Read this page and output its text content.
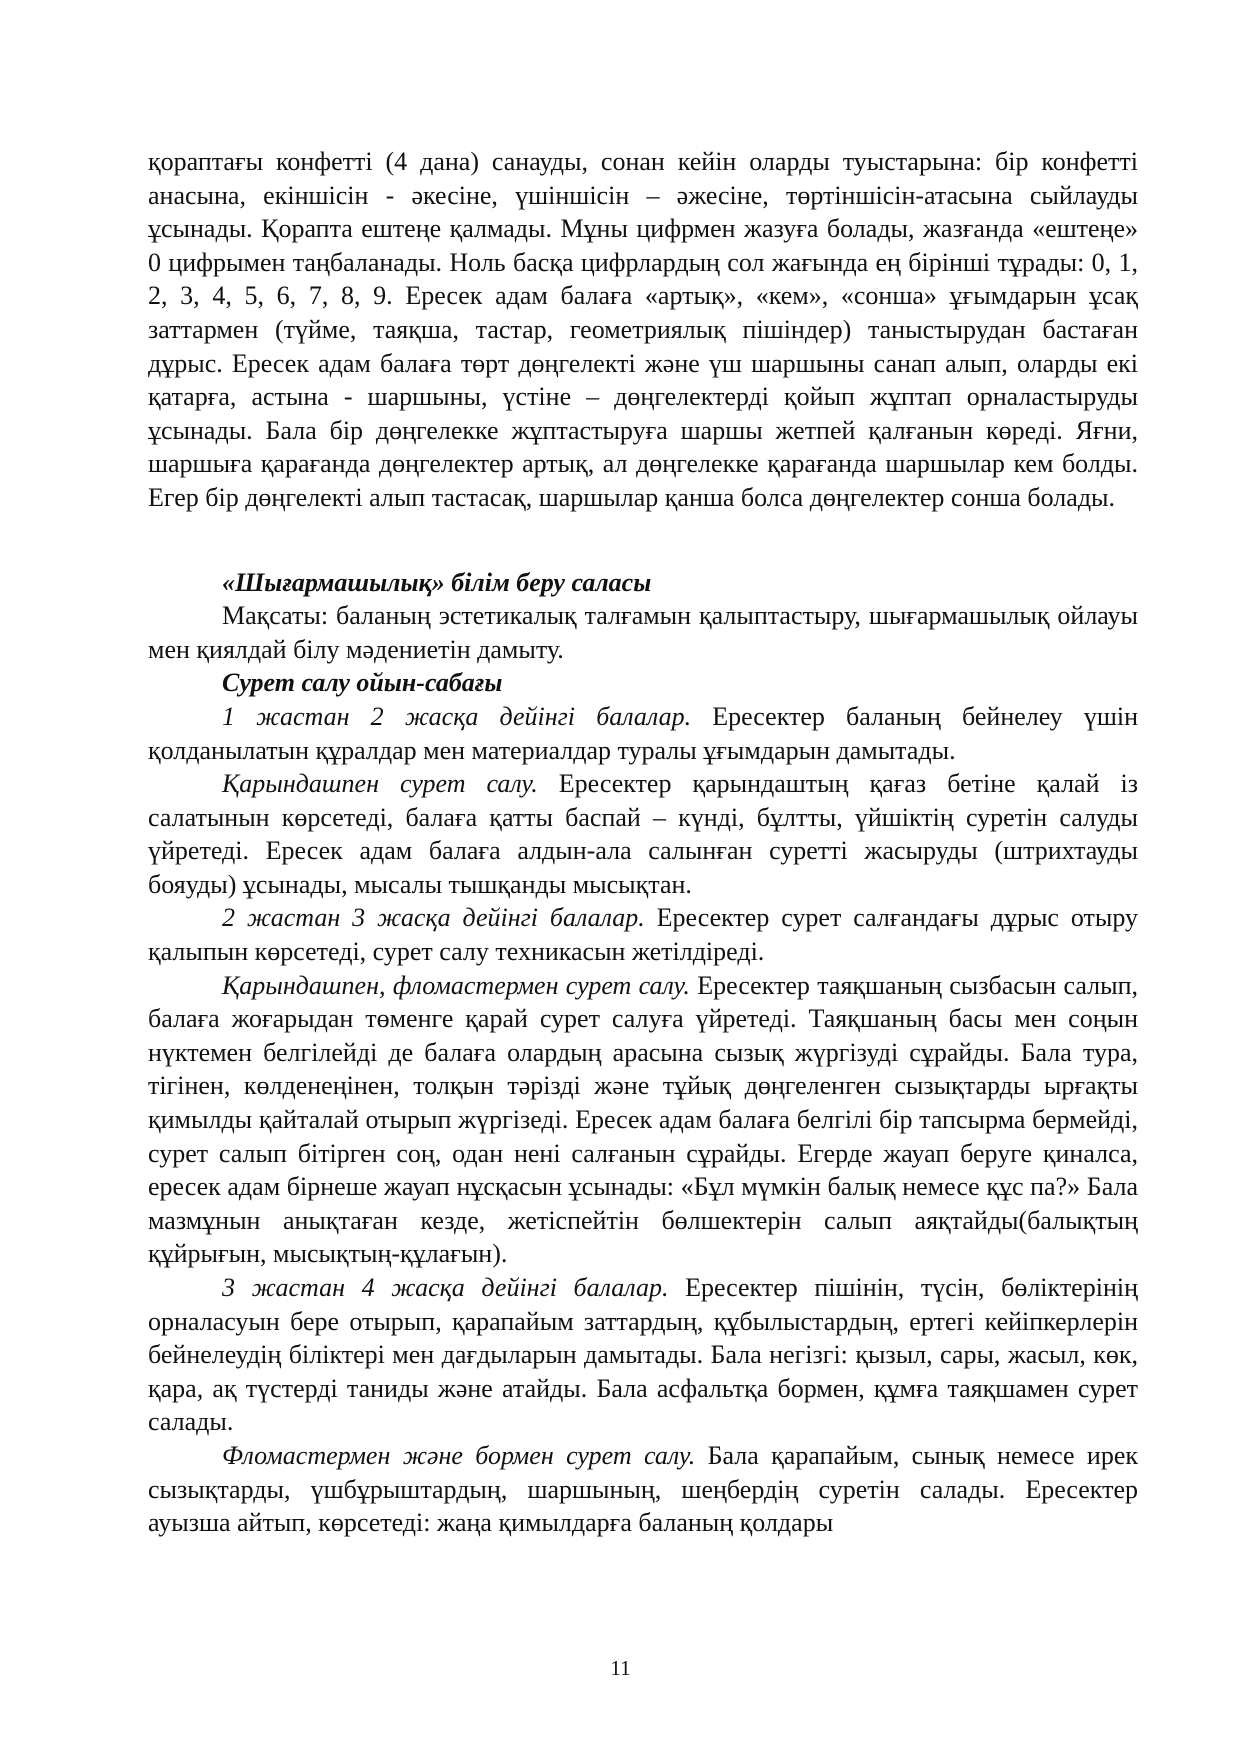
қораптағы конфетті (4 дана) санауды, сонан кейін оларды туыстарына: бір конфетті анасына, екіншісін - әкесіне, үшіншісін – әжесіне, төртіншісін-атасына сыйлауды ұсынады. Қорапта ештеңе қалмады. Мұны цифрмен жазуға болады, жазғанда «ештеңе» 0 цифрымен таңбаланады. Ноль басқа цифрлардың сол жағында ең бірінші тұрады: 0, 1, 2, 3, 4, 5, 6, 7, 8, 9. Ересек адам балаға «артық», «кем», «сонша» ұғымдарын ұсақ заттармен (түйме, таяқша, тастар, геометриялық пішіндер) таныстырудан бастаған дұрыс. Ересек адам балаға төрт дөңгелекті және үш шаршыны санап алып, оларды екі қатарға, астына - шаршыны, үстіне – дөңгелектерді қойып жұптап орналастыруды ұсынады. Бала бір дөңгелекке жұптастыруға шаршы жетпей қалғанын көреді. Яғни, шаршыға қарағанда дөңгелектер артық, ал дөңгелекке қарағанда шаршылар кем болды. Егер бір дөңгелекті алып тастасақ, шаршылар қанша болса дөңгелектер сонша болады.

«Шығармашылық» білім беру саласы

Мақсаты: баланың эстетикалық талғамын қалыптастыру, шығармашылық ойлауы мен қиялдай білу мәдениетін дамыту.

Сурет салу ойын-сабағы

1 жастан 2 жасқа дейінгі балалар. Ересектер баланың бейнелеу үшін қолданылатын құралдар мен материалдар туралы ұғымдарын дамытады.

Қарындашпен сурет салу. Ересектер қарындаштың қағаз бетіне қалай із салатынын көрсетеді, балаға қатты баспай – күнді, бұлтты, үйшіктің суретін салуды үйретеді. Ересек адам балаға алдын-ала салынған суретті жасыруды (штрихтауды бояуды) ұсынады, мысалы тышқанды мысықтан.

2 жастан 3 жасқа дейінгі балалар. Ересектер сурет салғандағы дұрыс отыру қалыпын көрсетеді, сурет салу техникасын жетілдіреді.

Қарындашпен, фломастермен сурет салу. Ересектер таяқшаның сызбасын салып, балаға жоғарыдан төменге қарай сурет салуға үйретеді. Таяқшаның басы мен соңын нүктемен белгілейді де балаға олардың арасына сызық жүргізуді сұрайды. Бала тура, тігінен, көлденеңінен, толқын тәрізді және тұйық дөңгеленген сызықтарды ырғақты қимылды қайталай отырып жүргізеді. Ересек адам балаға белгілі бір тапсырма бермейді, сурет салып бітірген соң, одан нені салғанын сұрайды. Егерде жауап беруге қиналса, ересек адам бірнеше жауап нұсқасын ұсынады: «Бұл мүмкін балық немесе құс па?» Бала мазмұнын анықтаған кезде, жетіспейтін бөлшектерін салып аяқтайды(балықтың құйрығын, мысықтың-құлағын).

3 жастан 4 жасқа дейінгі балалар. Ересектер пішінін, түсін, бөліктерінің орналасуын бере отырып, қарапайым заттардың, құбылыстардың, ертегі кейіпкерлерін бейнелеудің біліктері мен дағдыларын дамытады. Бала негізгі: қызыл, сары, жасыл, көк, қара, ақ түстерді таниды және атайды. Бала асфальтқа бормен, құмға таяқшамен сурет салады.

Фломастермен және бормен сурет салу. Бала қарапайым, сынық немесе ирек сызықтарды, үшбұрыштардың, шаршының, шеңбердің суретін салады. Ересектер ауызша айтып, көрсетеді: жаңа қимылдарға баланың қолдары

11
